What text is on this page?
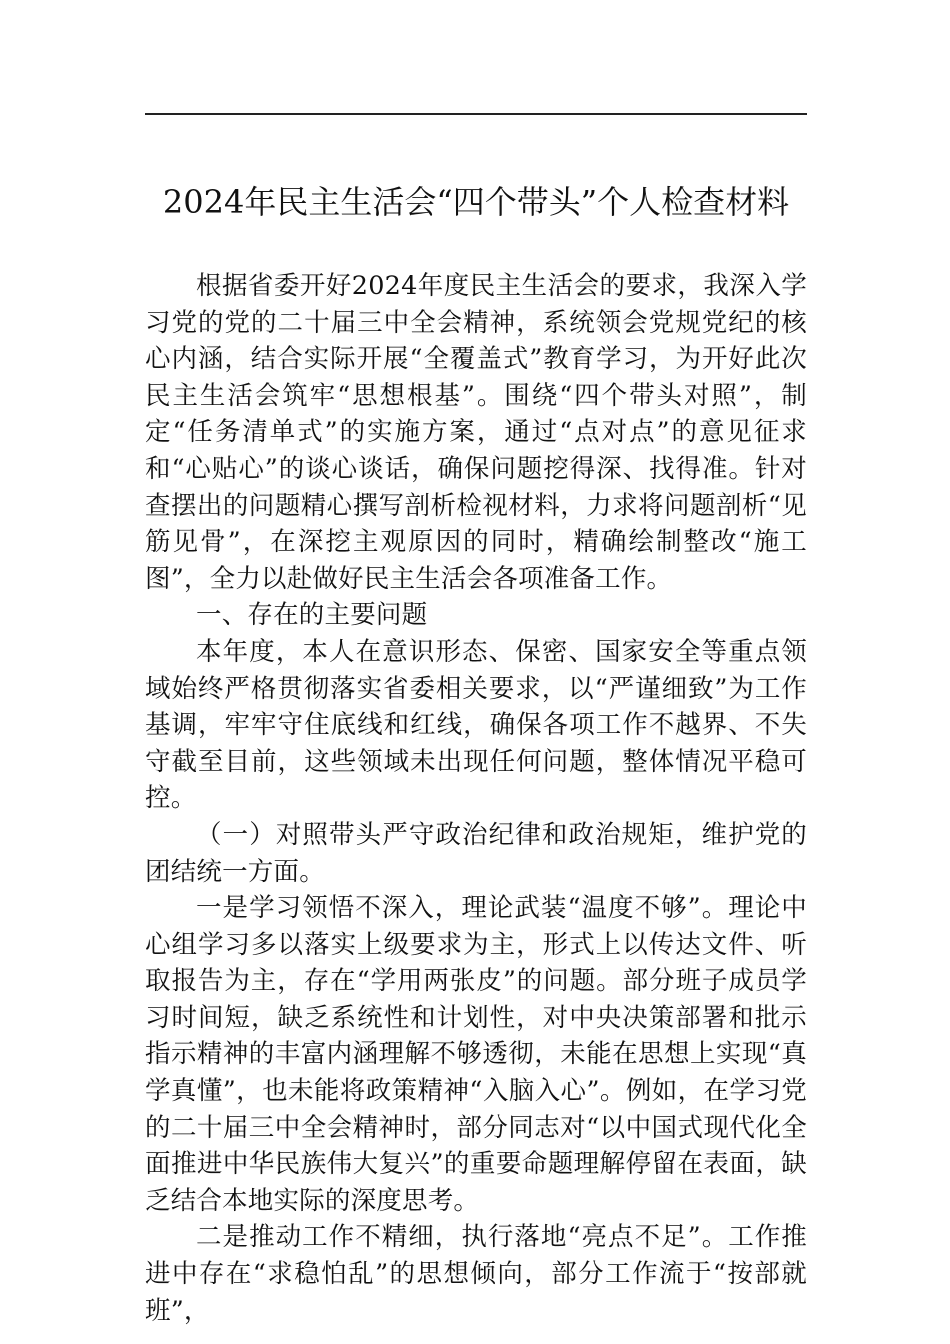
2024年民主生活会“四个带头”个人检查材料

根据省委开好2024年度民主生活会的要求，我深入学习党的党的二十届三中全会精神，系统领会党规党纪的核心内涵，结合实际开展“全覆盖式”教育学习，为开好此次民主生活会筑牢“思想根基”。围绕“四个带头对照”，制定“任务清单式”的实施方案，通过“点对点”的意见征求和“心贴心”的谈心谈话，确保问题挖得深、找得准。针对查摆出的问题精心撰写剖析检视材料，力求将问题剖析“见筋见骨”，在深挖主观原因的同时，精确绘制整改“施工图”，全力以赴做好民主生活会各项准备工作。

一、存在的主要问题

本年度，本人在意识形态、保密、国家安全等重点领域始终严格贯彻落实省委相关要求，以“严谨细致”为工作基调，牢牢守住底线和红线，确保各项工作不越界、不失守截至目前，这些领域未出现任何问题，整体情况平稳可控。

（一）对照带头严守政治纪律和政治规矩，维护党的团结统一方面。

一是学习领悟不深入，理论武装“温度不够”。理论中心组学习多以落实上级要求为主，形式上以传达文件、听取报告为主，存在“学用两张皮”的问题。部分班子成员学习时间短，缺乏系统性和计划性，对中央决策部署和批示指示精神的丰富内涵理解不够透彻，未能在思想上实现“真学真懂”，也未能将政策精神“入脑入心”。例如，在学习党的二十届三中全会精神时，部分同志对“以中国式现代化全面推进中华民族伟大复兴”的重要命题理解停留在表面，缺乏结合本地实际的深度思考。

二是推动工作不精细，执行落地“亮点不足”。工作推进中存在“求稳怕乱”的思想倾向，部分工作流于“按部就班”，
